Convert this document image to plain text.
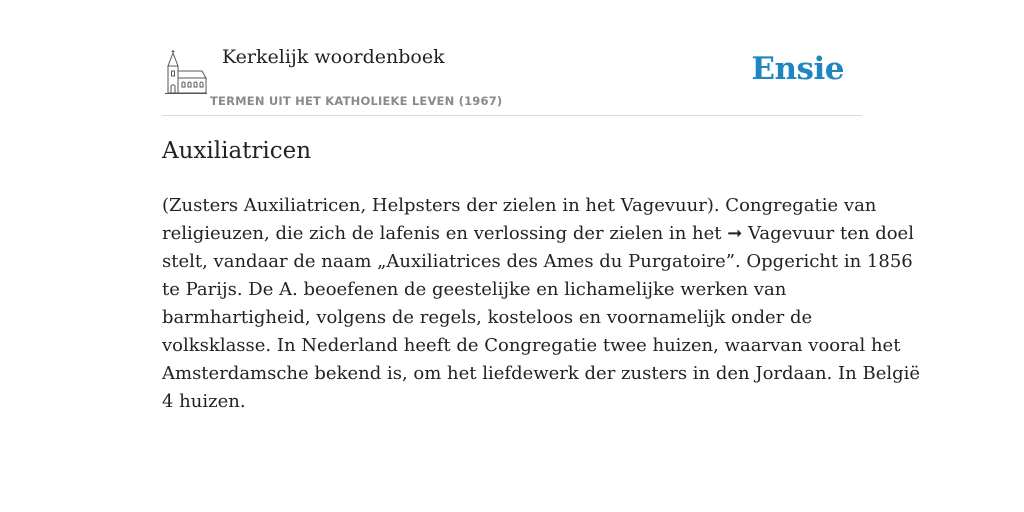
Kerkelijk woordenboek
TERMEN UIT HET KATHOLIEKE LEVEN (1967)
Ensie
Auxiliatricen
(Zusters Auxiliatricen, Helpsters der zielen in het Vagevuur). Congregatie van
religieuzen, die zich de lafenis en verlossing der zielen in het ➞ Vagevuur ten doel
stelt, vandaar de naam „Auxiliatrices des Ames du Purgatoire”. Opgericht in 1856
te Parijs. De A. beoefenen de geestelijke en lichamelijke werken van
barmhartigheid, volgens de regels, kosteloos en voornamelijk onder de
volksklasse. In Nederland heeft de Congregatie twee huizen, waarvan vooral het
Amsterdamsche bekend is, om het liefdewerk der zusters in den Jordaan. In België
4 huizen.
